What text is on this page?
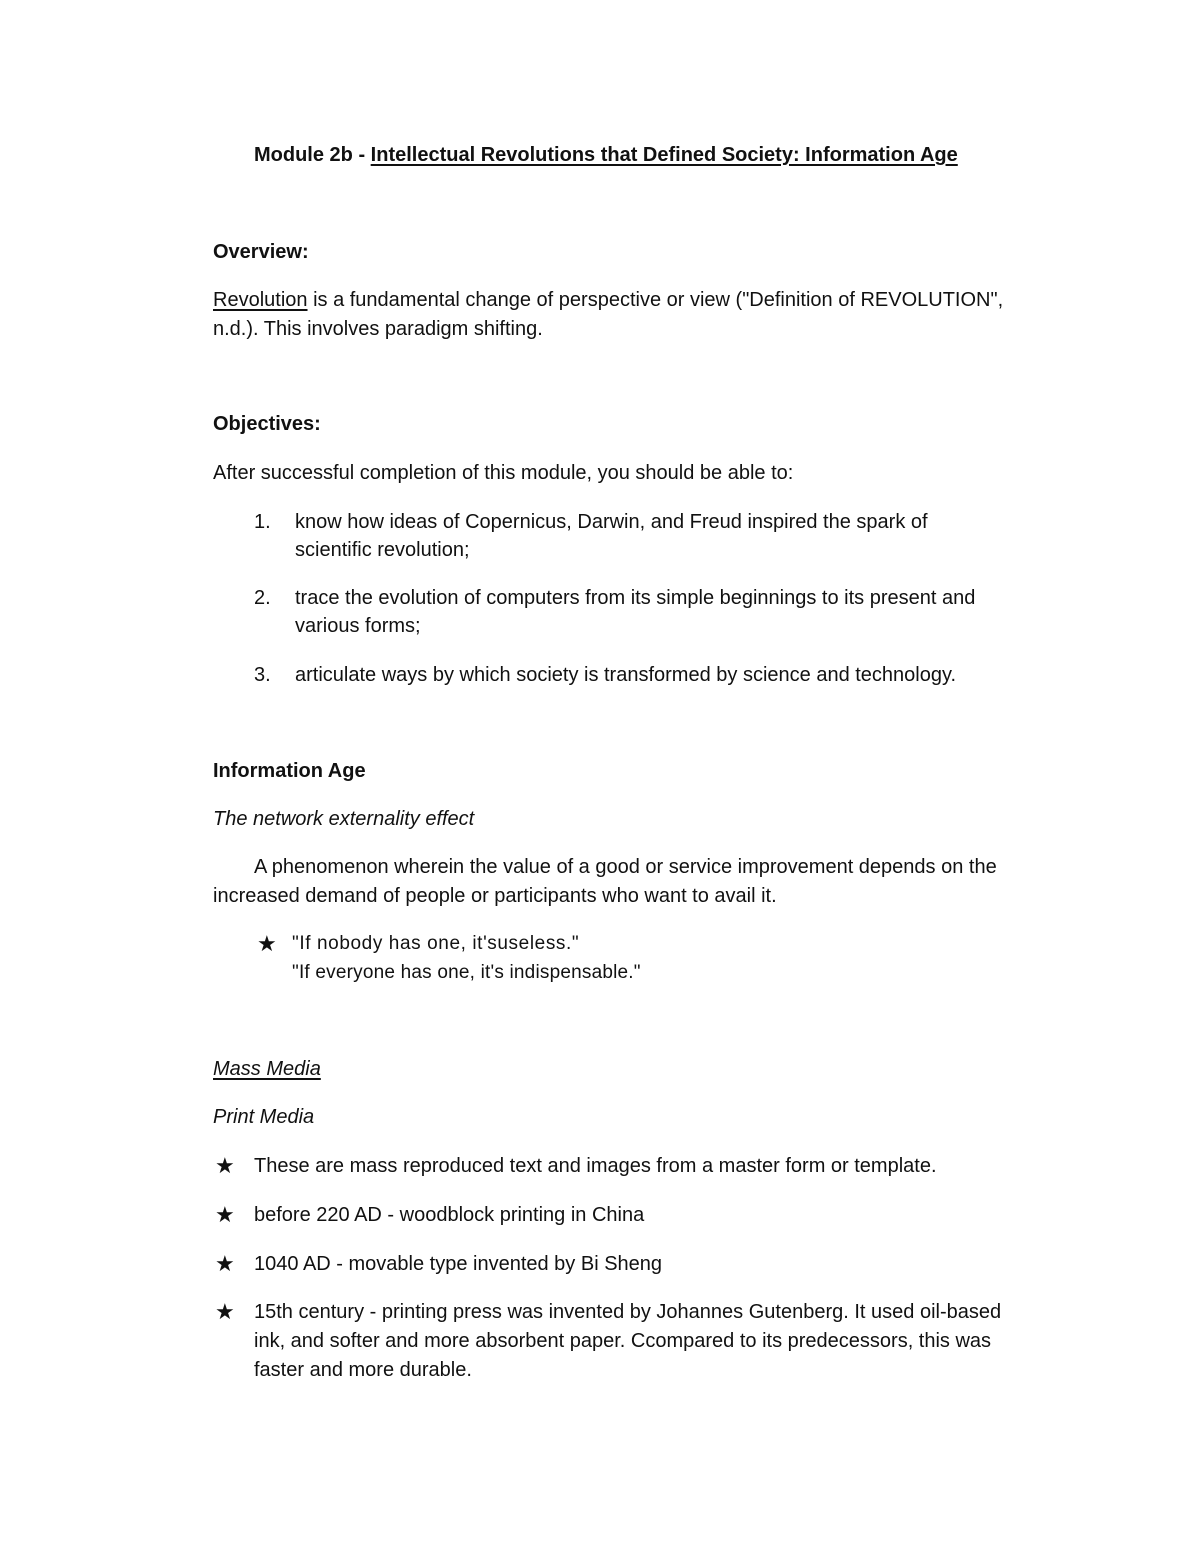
Module 2b - Intellectual Revolutions that Defined Society: Information Age
Overview:
Revolution is a fundamental change of perspective or view ("Definition of REVOLUTION",
n.d.). This involves paradigm shifting.
Objectives:
After successful completion of this module, you should be able to:
1. know how ideas of Copernicus, Darwin, and Freud inspired the spark of
scientific revolution;
2. trace the evolution of computers from its simple beginnings to its present and
various forms;
3. articulate ways by which society is transformed by science and technology.
Information Age
The network externality effect
A phenomenon wherein the value of a good or service improvement depends on the
increased demand of people or participants who want to avail it.
★ "If nobody has one, it'suseless."
"If everyone has one, it's indispensable."
Mass Media
Print Media
★ These are mass reproduced text and images from a master form or template.
★ before 220 AD - woodblock printing in China
★ 1040 AD - movable type invented by Bi Sheng
★ 15th century - printing press was invented by Johannes Gutenberg. It used oil-based
ink, and softer and more absorbent paper. Ccompared to its predecessors, this was
faster and more durable.
